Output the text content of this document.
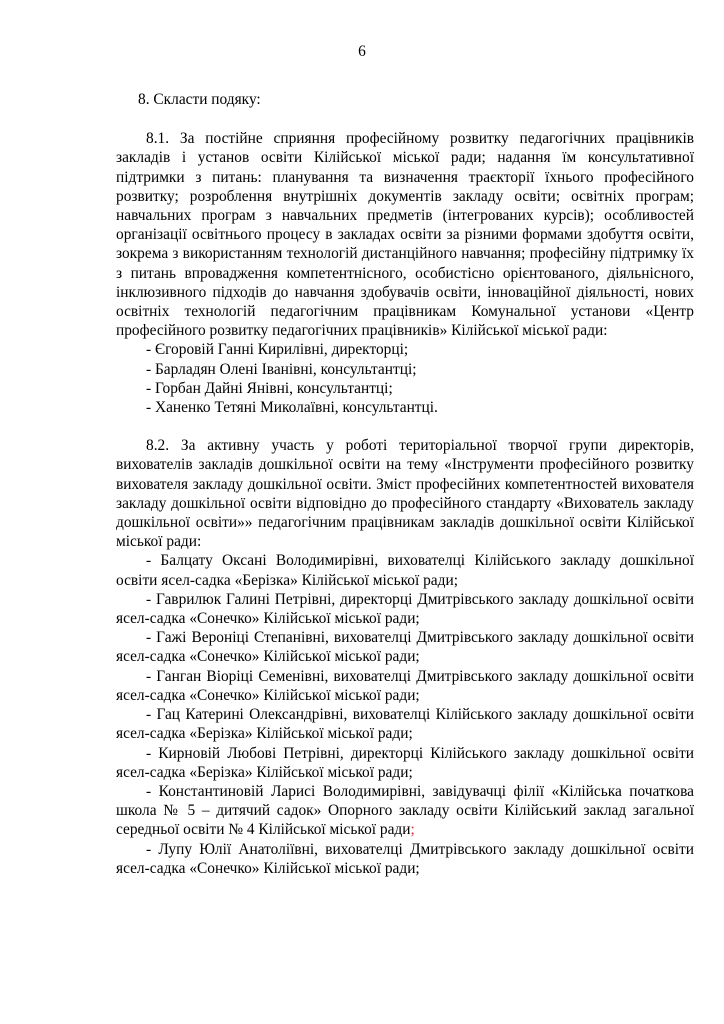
6

8. Скласти подяку:

8.1. За постійне сприяння професійному розвитку педагогічних працівників закладів і установ освіти Кілійської міської ради; надання їм консультативної підтримки з питань: планування та визначення траєкторії їхнього професійного розвитку; розроблення внутрішніх документів закладу освіти; освітніх програм; навчальних програм з навчальних предметів (інтегрованих курсів); особливостей організації освітнього процесу в закладах освіти за різними формами здобуття освіти, зокрема з використанням технологій дистанційного навчання; професійну підтримку їх з питань впровадження компетентнісного, особистісно орієнтованого, діяльнісного, інклюзивного підходів до навчання здобувачів освіти, інноваційної діяльності, нових освітніх технологій педагогічним працівникам Комунальної установи «Центр професійного розвитку педагогічних працівників» Кілійської міської ради:

- Єгоровій Ганні Кирилівні, директорці;

- Барладян Олені Іванівні, консультантці;

- Горбан Дайні Янівні, консультантці;

- Ханенко Тетяні Миколаївні, консультантці.

8.2. За активну участь у роботі територіальної творчої групи директорів, вихователів закладів дошкільної освіти на тему «Інструменти професійного розвитку вихователя закладу дошкільної освіти. Зміст професійних компетентностей вихователя закладу дошкільної освіти відповідно до професійного стандарту «Вихователь закладу дошкільної освіти»» педагогічним працівникам закладів дошкільної освіти Кілійської міської ради:

- Балцату Оксані Володимирівні, вихователці Кілійського закладу дошкільної освіти ясел-садка «Берізка» Кілійської міської ради;

- Гаврилюк Галині Петрівні, директорці Дмитрівського закладу дошкільної освіти ясел-садка «Сонечко» Кілійської міської ради;

- Гажі Вероніці Степанівні, вихователці Дмитрівського закладу дошкільної освіти ясел-садка «Сонечко» Кілійської міської ради;

- Ганган Віоріці Семенівні, вихователці Дмитрівського закладу дошкільної освіти ясел-садка «Сонечко» Кілійської міської ради;

- Гац Катерині Олександрівні, вихователці Кілійського закладу дошкільної освіти ясел-садка «Берізка» Кілійської міської ради;

- Кирновій Любові Петрівні, директорці Кілійського закладу дошкільної освіти ясел-садка «Берізка» Кілійської міської ради;

- Константиновій Ларисі Володимирівні, завідувачці філії «Кілійська початкова школа № 5 – дитячий садок» Опорного закладу освіти Кілійський заклад загальної середньої освіти № 4 Кілійської міської ради;

- Лупу Юлії Анатоліївні, вихователці Дмитрівського закладу дошкільної освіти ясел-садка «Сонечко» Кілійської міської ради;
